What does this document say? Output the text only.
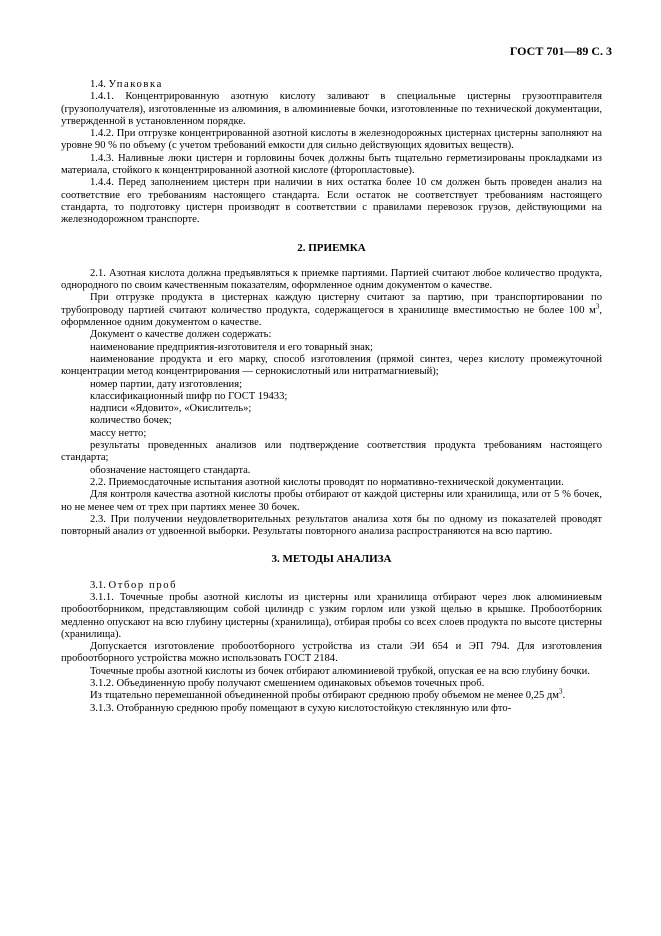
ГОСТ 701—89 С. 3

1.4. Упаковка

1.4.1. Концентрированную азотную кислоту заливают в специальные цистерны грузоотправителя (грузополучателя), изготовленные из алюминия, в алюминиевые бочки, изготовленные по технической документации, утвержденной в установленном порядке.

1.4.2. При отгрузке концентрированной азотной кислоты в железнодорожных цистернах цистерны заполняют на уровне 90 % по объему (с учетом требований емкости для сильно действующих ядовитых веществ).

1.4.3. Наливные люки цистерн и горловины бочек должны быть тщательно герметизированы прокладками из материала, стойкого к концентрированной азотной кислоте (фторопластовые).

1.4.4. Перед заполнением цистерн при наличии в них остатка более 10 см должен быть проведен анализ на соответствие его требованиям настоящего стандарта. Если остаток не соответствует требованиям настоящего стандарта, то подготовку цистерн производят в соответствии с правилами перевозок грузов, действующими на железнодорожном транспорте.

2. ПРИЕМКА

2.1. Азотная кислота должна предъявляться к приемке партиями. Партией считают любое количество продукта, однородного по своим качественным показателям, оформленное одним документом о качестве.

При отгрузке продукта в цистернах каждую цистерну считают за партию, при транспортировании по трубопроводу партией считают количество продукта, содержащегося в хранилище вместимостью не более 100 $м^3$, оформленное одним документом о качестве.

Документ о качестве должен содержать:

наименование предприятия-изготовителя и его товарный знак;

наименование продукта и его марку, способ изготовления (прямой синтез, через кислоту промежуточной концентрации метод концентрирования — сернокислотный или нитратмагниевый);

номер партии, дату изготовления;

классификационный шифр по ГОСТ 19433;

надписи «Ядовито», «Окислитель»;

количество бочек;

массу нетто;

результаты проведенных анализов или подтверждение соответствия продукта требованиям настоящего стандарта;

обозначение настоящего стандарта.

2.2. Приемосдаточные испытания азотной кислоты проводят по нормативно-технической документации.

Для контроля качества азотной кислоты пробы отбирают от каждой цистерны или хранилища, или от 5 % бочек, но не менее чем от трех при партиях менее 30 бочек.

2.3. При получении неудовлетворительных результатов анализа хотя бы по одному из показателей проводят повторный анализ от удвоенной выборки. Результаты повторного анализа распространяются на всю партию.

3. МЕТОДЫ АНАЛИЗА

3.1. Отбор проб

3.1.1. Точечные пробы азотной кислоты из цистерны или хранилища отбирают через люк алюминиевым пробоотборником, представляющим собой цилиндр с узким горлом или узкой щелью в крышке. Пробоотборник медленно опускают на всю глубину цистерны (хранилища), отбирая пробы со всех слоев продукта по высоте цистерны (хранилища).

Допускается изготовление пробоотборного устройства из стали ЭИ 654 и ЭП 794. Для изготовления пробоотборного устройства можно использовать ГОСТ 2184.

Точечные пробы азотной кислоты из бочек отбирают алюминиевой трубкой, опуская ее на всю глубину бочки.

3.1.2. Объединенную пробу получают смешением одинаковых объемов точечных проб.

Из тщательно перемешанной объединенной пробы отбирают среднюю пробу объемом не менее 0,25 $дм^3$.

3.1.3. Отобранную среднюю пробу помещают в сухую кислотостойкую стеклянную или фто-
